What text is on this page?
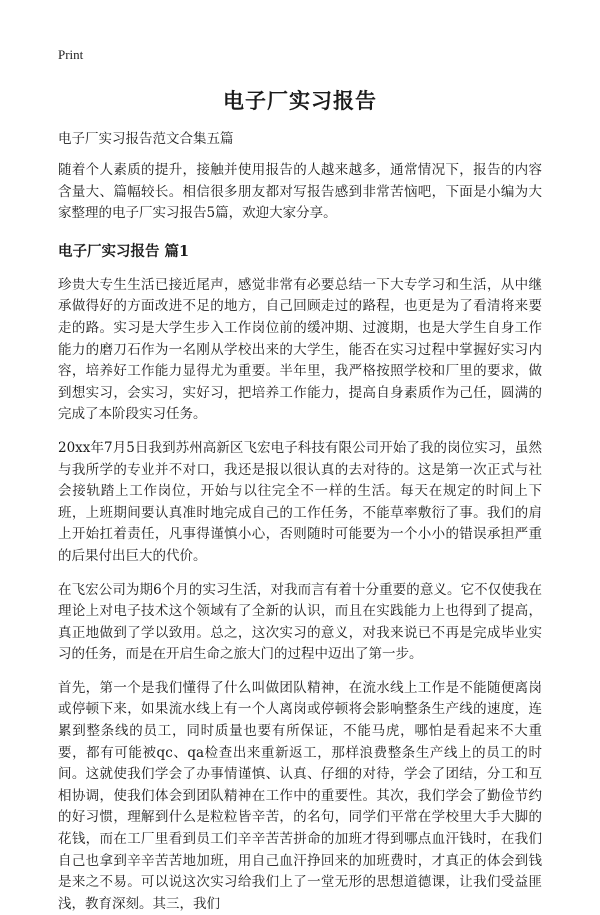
Print
电子厂实习报告
电子厂实习报告范文合集五篇

随着个人素质的提升，接触并使用报告的人越来越多，通常情况下，报告的内容含量大、篇幅较长。相信很多朋友都对写报告感到非常苦恼吧，下面是小编为大家整理的电子厂实习报告5篇，欢迎大家分享。

电子厂实习报告 篇1

珍贵大专生生活已接近尾声，感觉非常有必要总结一下大专学习和生活，从中继承做得好的方面改进不足的地方，自己回顾走过的路程，也更是为了看清将来要走的路。实习是大学生步入工作岗位前的缓冲期、过渡期，也是大学生自身工作能力的磨刀石作为一名刚从学校出来的大学生，能否在实习过程中掌握好实习内容，培养好工作能力显得尤为重要。半年里，我严格按照学校和厂里的要求，做到想实习，会实习，实好习，把培养工作能力，提高自身素质作为己任，圆满的完成了本阶段实习任务。

20xx年7月5日我到苏州高新区飞宏电子科技有限公司开始了我的岗位实习，虽然与我所学的专业并不对口，我还是报以很认真的去对待的。这是第一次正式与社会接轨踏上工作岗位，开始与以往完全不一样的生活。每天在规定的时间上下班，上班期间要认真准时地完成自己的工作任务，不能草率敷衍了事。我们的肩上开始扛着责任，凡事得谨慎小心，否则随时可能要为一个小小的错误承担严重的后果付出巨大的代价。

在飞宏公司为期6个月的实习生活，对我而言有着十分重要的意义。它不仅使我在理论上对电子技术这个领域有了全新的认识，而且在实践能力上也得到了提高，真正地做到了学以致用。总之，这次实习的意义，对我来说已不再是完成毕业实习的任务，而是在开启生命之旅大门的过程中迈出了第一步。

首先，第一个是我们懂得了什么叫做团队精神，在流水线上工作是不能随便离岗或停顿下来，如果流水线上有一个人离岗或停顿将会影响整条生产线的速度，连累到整条线的员工，同时质量也要有所保证，不能马虎，哪怕是看起来不大重要，都有可能被qc、qa检查出来重新返工，那样浪费整条生产线上的员工的时间。这就使我们学会了办事情谨慎、认真、仔细的对待，学会了团结，分工和互相协调，使我们体会到团队精神在工作中的重要性。其次，我们学会了勤俭节约的好习惯，理解到什么是粒粒皆辛苦，的名句，同学们平常在学校里大手大脚的花钱，而在工厂里看到员工们辛辛苦苦拼命的加班才得到哪点血汗钱时，在我们自己也拿到辛辛苦苦地加班，用自己血汗挣回来的加班费时，才真正的体会到钱是来之不易。可以说这次实习给我们上了一堂无形的思想道德课，让我们受益匪浅，教育深刻。其三，我们
